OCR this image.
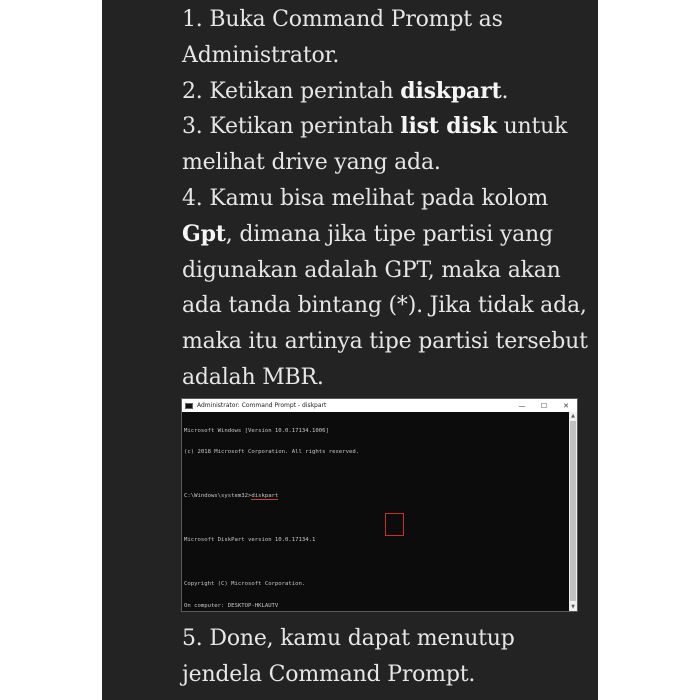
1. Buka Command Prompt as

Administrator.

2. Ketikan perintah diskpart.

3. Ketikan perintah list disk untuk

melihat drive yang ada.

4. Kamu bisa melihat pada kolom

Gpt, dimana jika tipe partisi yang

digunakan adalah GPT, maka akan

ada tanda bintang (*). Jika tidak ada,

maka itu artinya tipe partisi tersebut

adalah MBR.

Administrator: Command Prompt - diskpart	—	☐	✕

Microsoft Windows [Version 10.0.17134.1006]

(c) 2018 Microsoft Corporation. All rights reserved.

C:\Windows\system32>diskpart

Microsoft DiskPart version 10.0.17134.1

Copyright (C) Microsoft Corporation.

On computer: DESKTOP-HKLAUTV

▲
▼

5. Done, kamu dapat menutup

jendela Command Prompt.
